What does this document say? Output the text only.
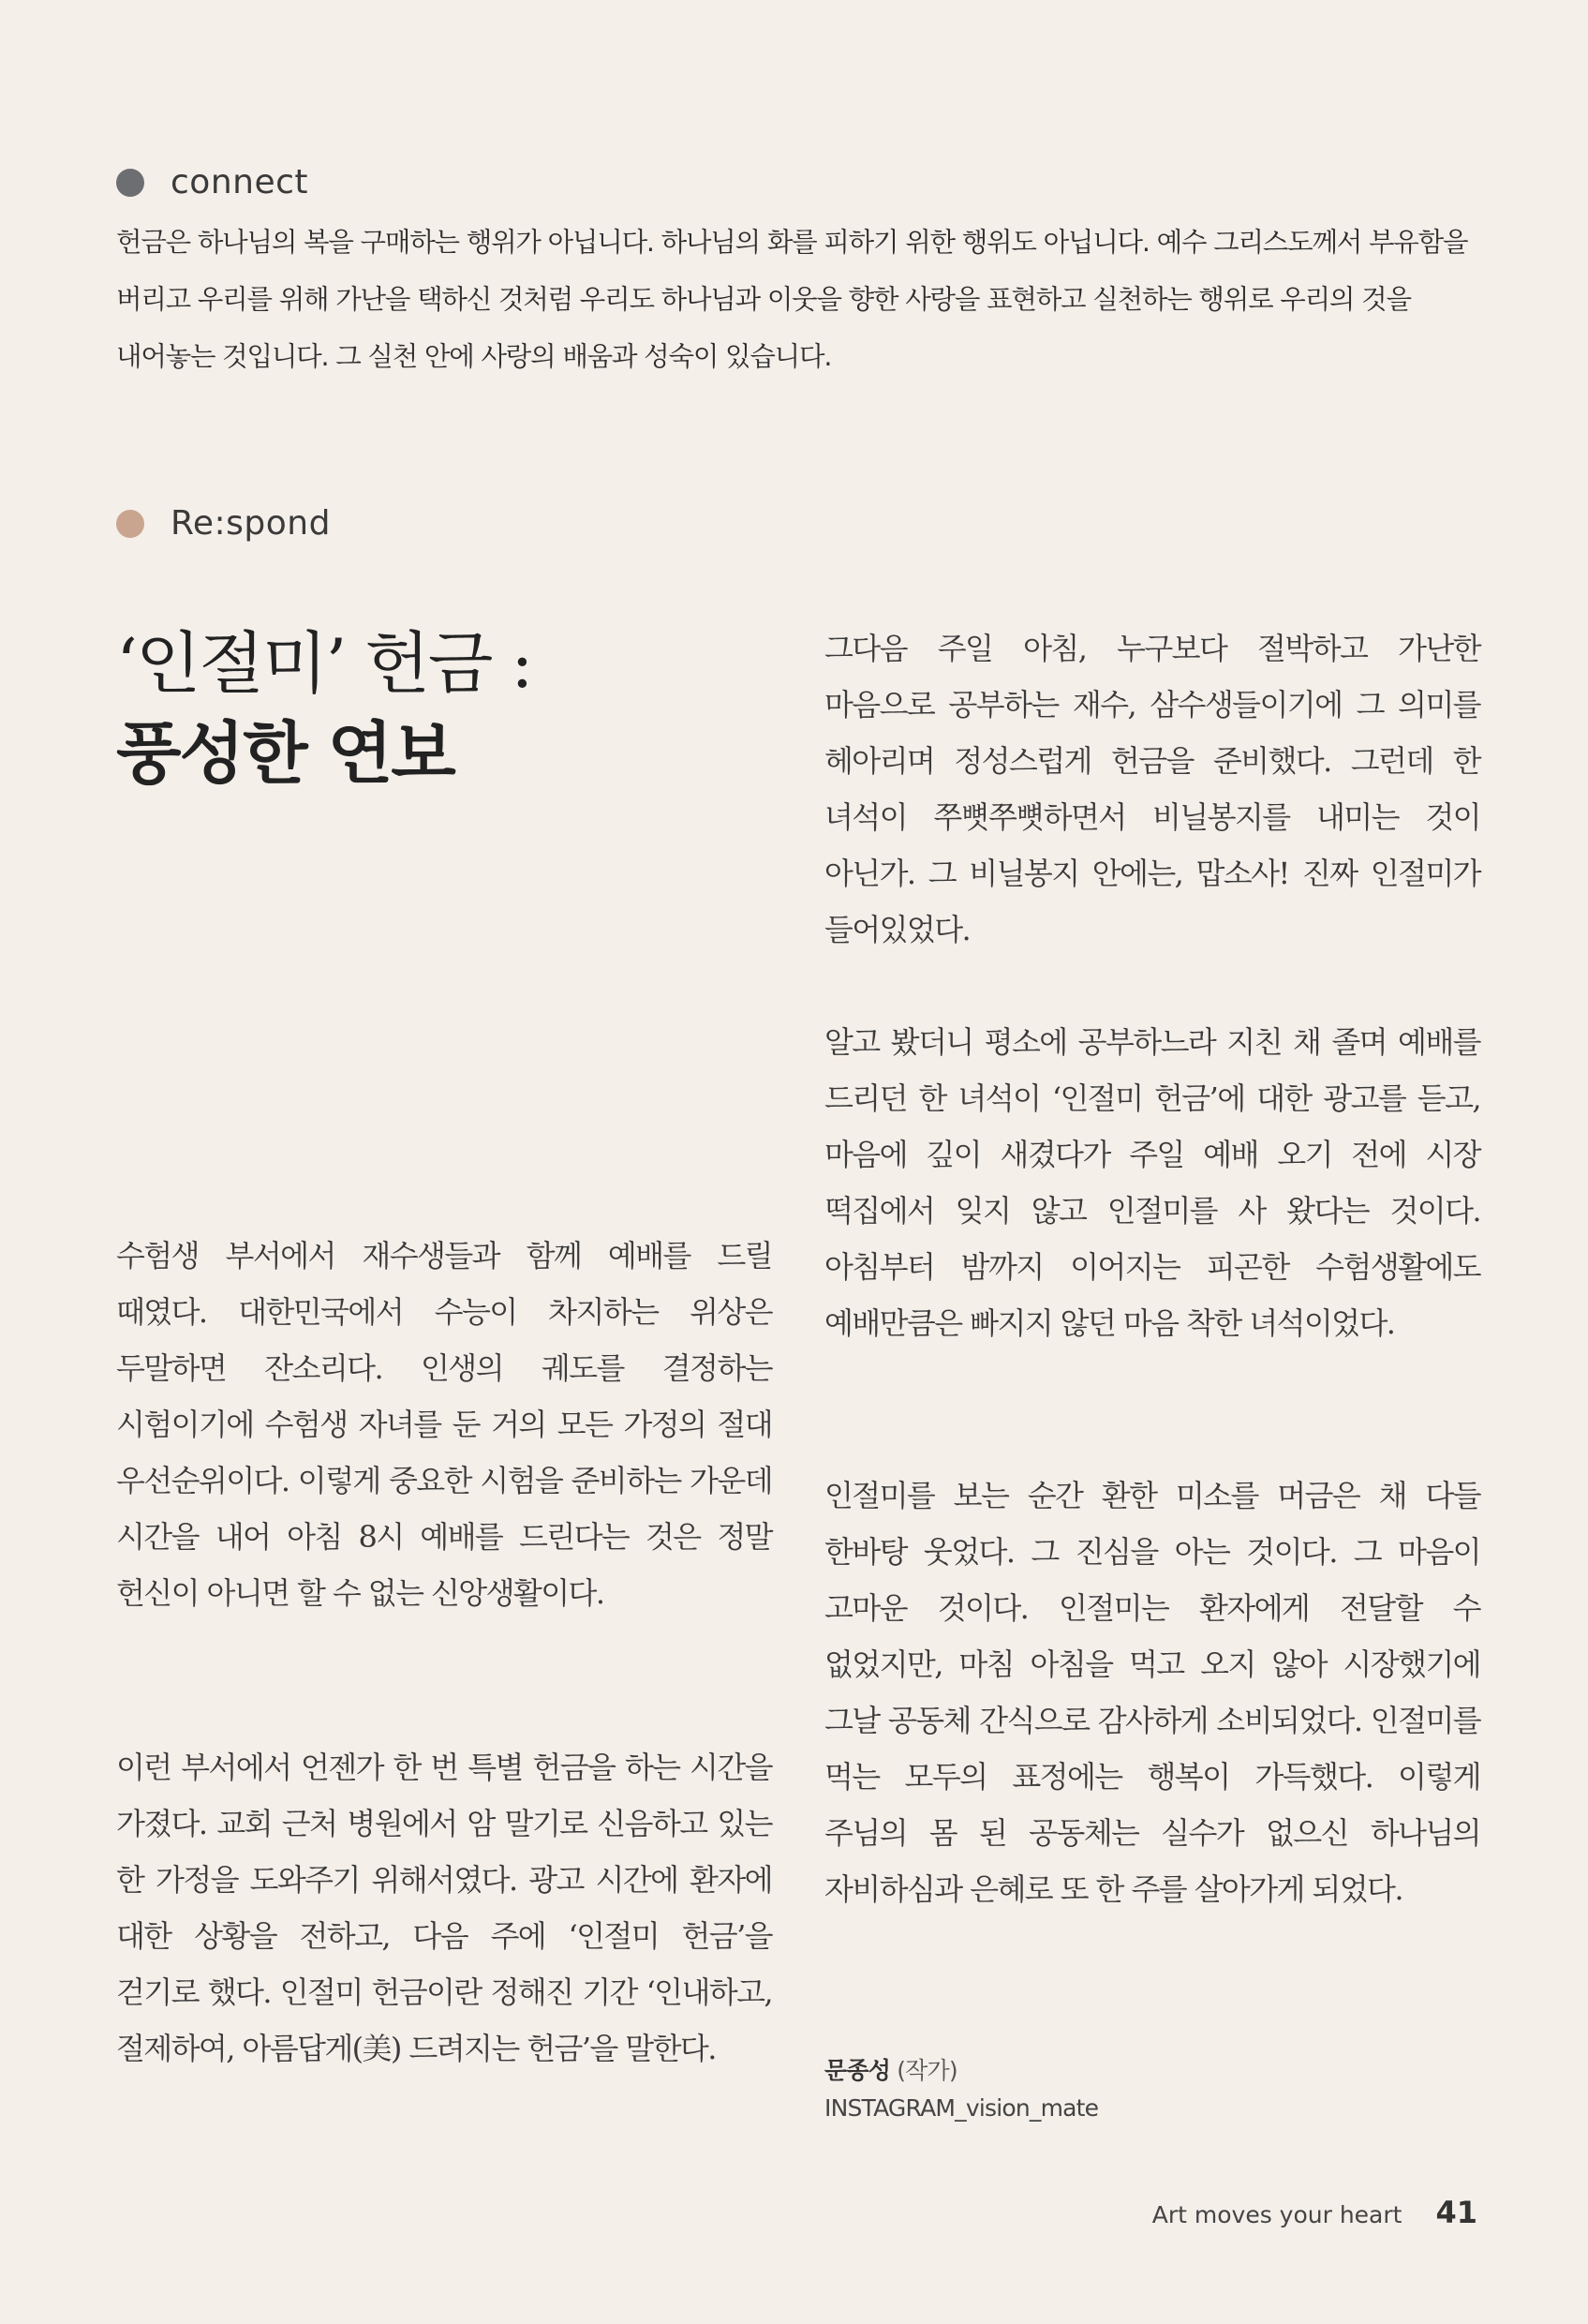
connect
헌금은 하나님의 복을 구매하는 행위가 아닙니다. 하나님의 화를 피하기 위한 행위도 아닙니다. 예수 그리스도께서 부유함을 버리고 우리를 위해 가난을 택하신 것처럼 우리도 하나님과 이웃을 향한 사랑을 표현하고 실천하는 행위로 우리의 것을 내어놓는 것입니다. 그 실천 안에 사랑의 배움과 성숙이 있습니다.
Re:spond
‘인절미’ 헌금 :
풍성한 연보

수험생 부서에서 재수생들과 함께 예배를 드릴 때였다. 대한민국에서 수능이 차지하는 위상은 두말하면 잔소리다. 인생의 궤도를 결정하는 시험이기에 수험생 자녀를 둔 거의 모든 가정의 절대 우선순위이다. 이렇게 중요한 시험을 준비하는 가운데 시간을 내어 아침 8시 예배를 드린다는 것은 정말 헌신이 아니면 할 수 없는 신앙생활이다.

이런 부서에서 언젠가 한 번 특별 헌금을 하는 시간을 가졌다. 교회 근처 병원에서 암 말기로 신음하고 있는 한 가정을 도와주기 위해서였다. 광고 시간에 환자에 대한 상황을 전하고, 다음 주에 ‘인절미 헌금’을 걷기로 했다. 인절미 헌금이란 정해진 기간 ‘인내하고, 절제하여, 아름답게(美) 드려지는 헌금’을 말한다.

그다음 주일 아침, 누구보다 절박하고 가난한 마음으로 공부하는 재수, 삼수생들이기에 그 의미를 헤아리며 정성스럽게 헌금을 준비했다. 그런데 한 녀석이 쭈뼛쭈뼛하면서 비닐봉지를 내미는 것이 아닌가. 그 비닐봉지 안에는, 맙소사! 진짜 인절미가 들어있었다.

알고 봤더니 평소에 공부하느라 지친 채 졸며 예배를 드리던 한 녀석이 ‘인절미 헌금’에 대한 광고를 듣고, 마음에 깊이 새겼다가 주일 예배 오기 전에 시장 떡집에서 잊지 않고 인절미를 사 왔다는 것이다. 아침부터 밤까지 이어지는 피곤한 수험생활에도 예배만큼은 빠지지 않던 마음 착한 녀석이었다.

인절미를 보는 순간 환한 미소를 머금은 채 다들 한바탕 웃었다. 그 진심을 아는 것이다. 그 마음이 고마운 것이다. 인절미는 환자에게 전달할 수 없었지만, 마침 아침을 먹고 오지 않아 시장했기에 그날 공동체 간식으로 감사하게 소비되었다. 인절미를 먹는 모두의 표정에는 행복이 가득했다. 이렇게 주님의 몸 된 공동체는 실수가 없으신 하나님의 자비하심과 은혜로 또 한 주를 살아가게 되었다.

문종성 (작가)
INSTAGRAM_vision_mate
Art moves your heart 41
